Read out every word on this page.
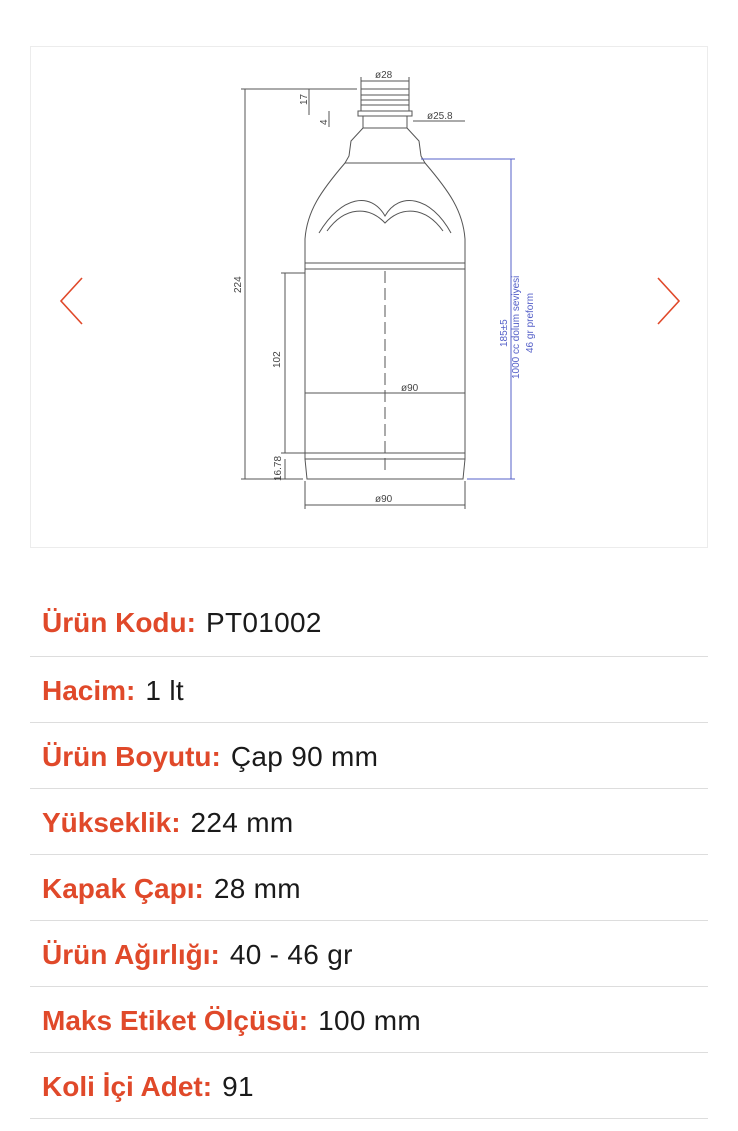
ø28
ø25.8
17
4
224
102
16.78
ø90
ø90
185±5 1000 cc dolum seviyesi 46 gr preform
Ürün Kodu: PT01002
Hacim: 1 lt
Ürün Boyutu: Çap 90 mm
Yükseklik: 224 mm
Kapak Çapı: 28 mm
Ürün Ağırlığı: 40 - 46 gr
Maks Etiket Ölçüsü: 100 mm
Koli İçi Adet: 91
